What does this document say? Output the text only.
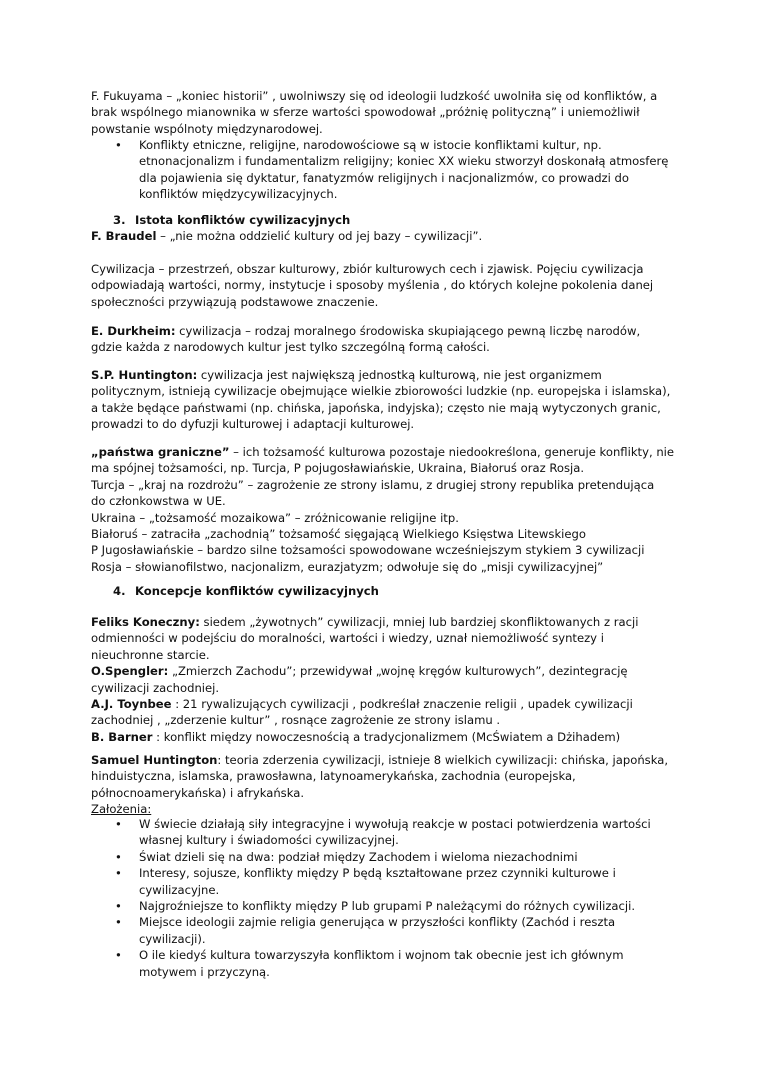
F. Fukuyama – „koniec historii” , uwolniwszy się od ideologii ludzkość uwolniła się od konfliktów, a
brak wspólnego mianownika w sferze wartości spowodował „próżnię polityczną” i uniemożliwił
powstanie wspólnoty międzynarodowej.
• Konflikty etniczne, religijne, narodowościowe są w istocie konfliktami kultur, np.
etnonacjonalizm i fundamentalizm religijny; koniec XX wieku stworzył doskonałą atmosferę
dla pojawienia się dyktatur, fanatyzmów religijnych i nacjonalizmów, co prowadzi do
konfliktów międzycywilizacyjnych.
3. Istota konfliktów cywilizacyjnych
F. Braudel – „nie można oddzielić kultury od jej bazy – cywilizacji”.
Cywilizacja – przestrzeń, obszar kulturowy, zbiór kulturowych cech i zjawisk. Pojęciu cywilizacja
odpowiadają wartości, normy, instytucje i sposoby myślenia , do których kolejne pokolenia danej
społeczności przywiązują podstawowe znaczenie.
E. Durkheim: cywilizacja – rodzaj moralnego środowiska skupiającego pewną liczbę narodów,
gdzie każda z narodowych kultur jest tylko szczególną formą całości.
S.P. Huntington: cywilizacja jest największą jednostką kulturową, nie jest organizmem
politycznym, istnieją cywilizacje obejmujące wielkie zbiorowości ludzkie (np. europejska i islamska),
a także będące państwami (np. chińska, japońska, indyjska); często nie mają wytyczonych granic,
prowadzi to do dyfuzji kulturowej i adaptacji kulturowej.
„państwa graniczne” – ich tożsamość kulturowa pozostaje niedookreślona, generuje konflikty, nie
ma spójnej tożsamości, np. Turcja, P pojugosławiańskie, Ukraina, Białoruś oraz Rosja.
Turcja – „kraj na rozdrożu” – zagrożenie ze strony islamu, z drugiej strony republika pretendująca
do członkowstwa w UE.
Ukraina – „tożsamość mozaikowa” – zróżnicowanie religijne itp.
Białoruś – zatraciła „zachodnią” tożsamość sięgającą Wielkiego Księstwa Litewskiego
P Jugosławiańskie – bardzo silne tożsamości spowodowane wcześniejszym stykiem 3 cywilizacji
Rosja – słowianofilstwo, nacjonalizm, eurazjatyzm; odwołuje się do „misji cywilizacyjnej”
4. Koncepcje konfliktów cywilizacyjnych
Feliks Koneczny: siedem „żywotnych” cywilizacji, mniej lub bardziej skonfliktowanych z racji
odmienności w podejściu do moralności, wartości i wiedzy, uznał niemożliwość syntezy i
nieuchronne starcie.
O.Spengler: „Zmierzch Zachodu”; przewidywał „wojnę kręgów kulturowych”, dezintegrację
cywilizacji zachodniej.
A.J. Toynbee : 21 rywalizujących cywilizacji , podkreślał znaczenie religii , upadek cywilizacji
zachodniej , „zderzenie kultur” , rosnące zagrożenie ze strony islamu .
B. Barner : konflikt między nowoczesnością a tradycjonalizmem (McŚwiatem a Dżihadem)
Samuel Huntington: teoria zderzenia cywilizacji, istnieje 8 wielkich cywilizacji: chińska, japońska,
hinduistyczna, islamska, prawosławna, latynoamerykańska, zachodnia (europejska,
północnoamerykańska) i afrykańska.
Założenia:
• W świecie działają siły integracyjne i wywołują reakcje w postaci potwierdzenia wartości
własnej kultury i świadomości cywilizacyjnej.
• Świat dzieli się na dwa: podział między Zachodem i wieloma niezachodnimi
• Interesy, sojusze, konflikty między P będą kształtowane przez czynniki kulturowe i
cywilizacyjne.
• Najgroźniejsze to konflikty między P lub grupami P należącymi do różnych cywilizacji.
• Miejsce ideologii zajmie religia generująca w przyszłości konflikty (Zachód i reszta
cywilizacji).
• O ile kiedyś kultura towarzyszyła konfliktom i wojnom tak obecnie jest ich głównym
motywem i przyczyną.
